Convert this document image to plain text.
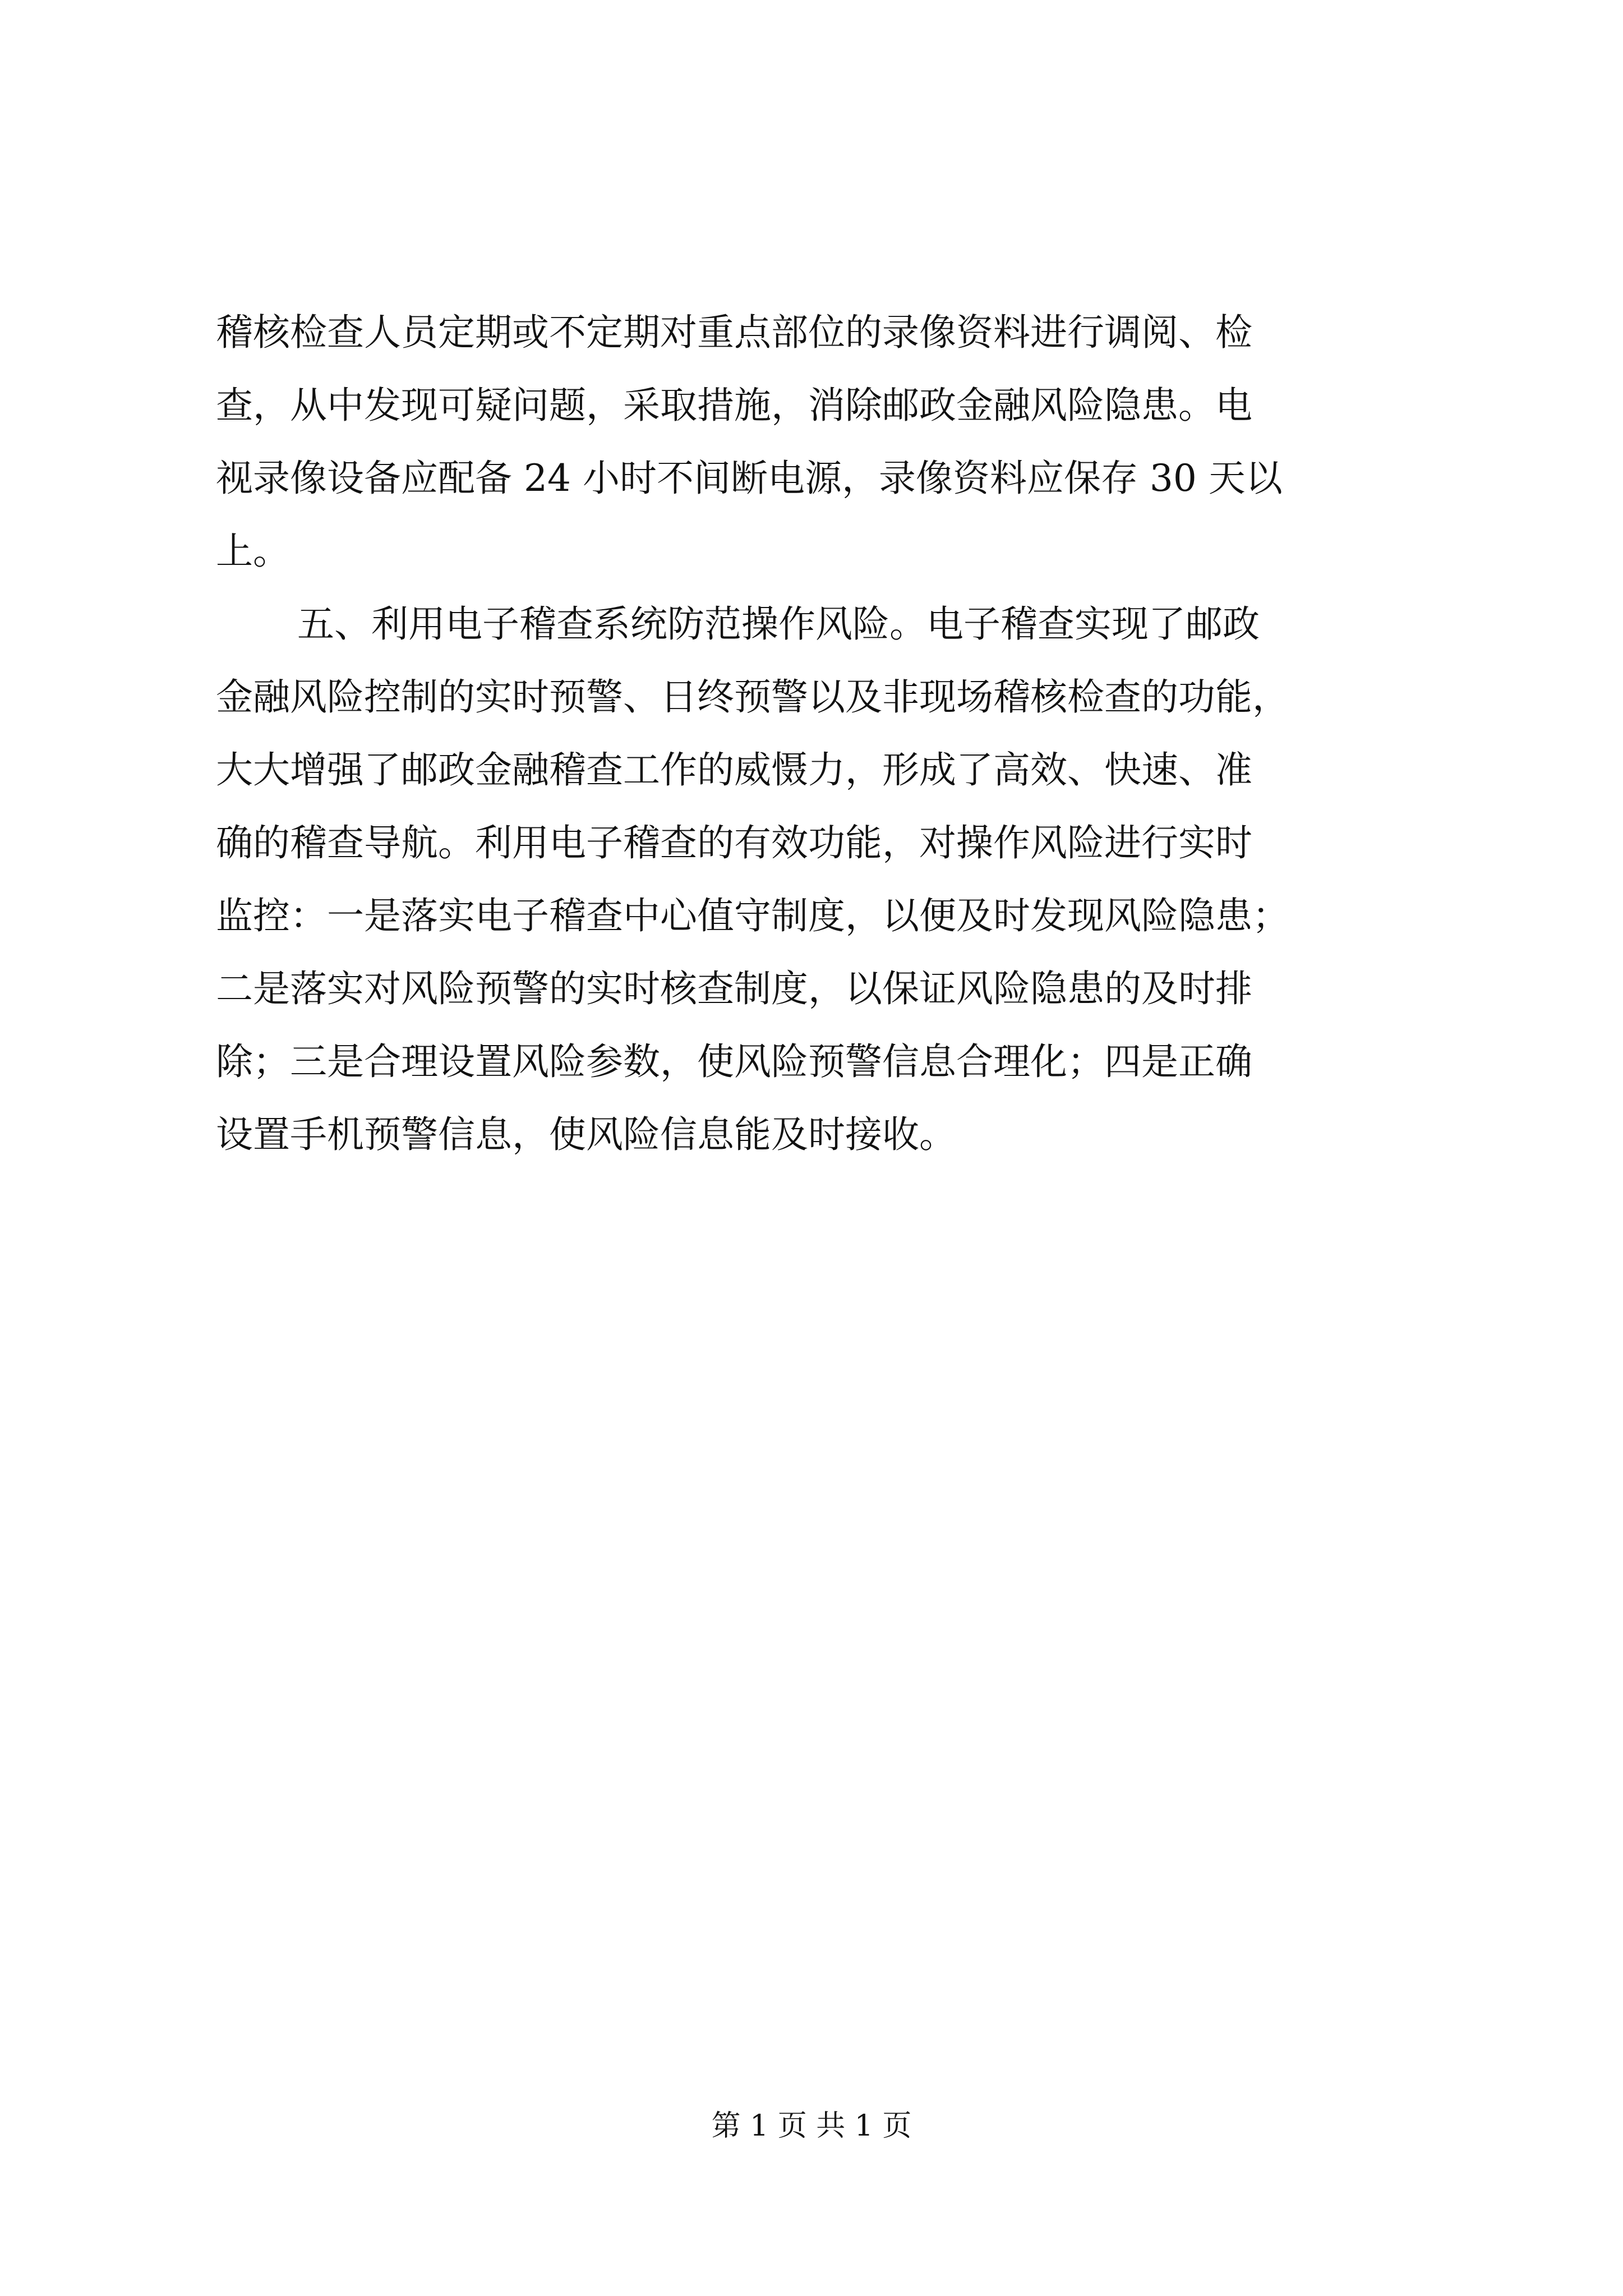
稽核检查人员定期或不定期对重点部位的录像资料进行调阅、检
查，从中发现可疑问题，采取措施，消除邮政金融风险隐患。电
视录像设备应配备 24 小时不间断电源，录像资料应保存 30 天以
上。
五、利用电子稽查系统防范操作风险。电子稽查实现了邮政
金融风险控制的实时预警、日终预警以及非现场稽核检查的功能，
大大增强了邮政金融稽查工作的威慑力，形成了高效、快速、准
确的稽查导航。利用电子稽查的有效功能，对操作风险进行实时
监控：一是落实电子稽查中心值守制度，以便及时发现风险隐患；
二是落实对风险预警的实时核查制度，以保证风险隐患的及时排
除；三是合理设置风险参数，使风险预警信息合理化；四是正确
设置手机预警信息，使风险信息能及时接收。
第 1 页 共 1 页
